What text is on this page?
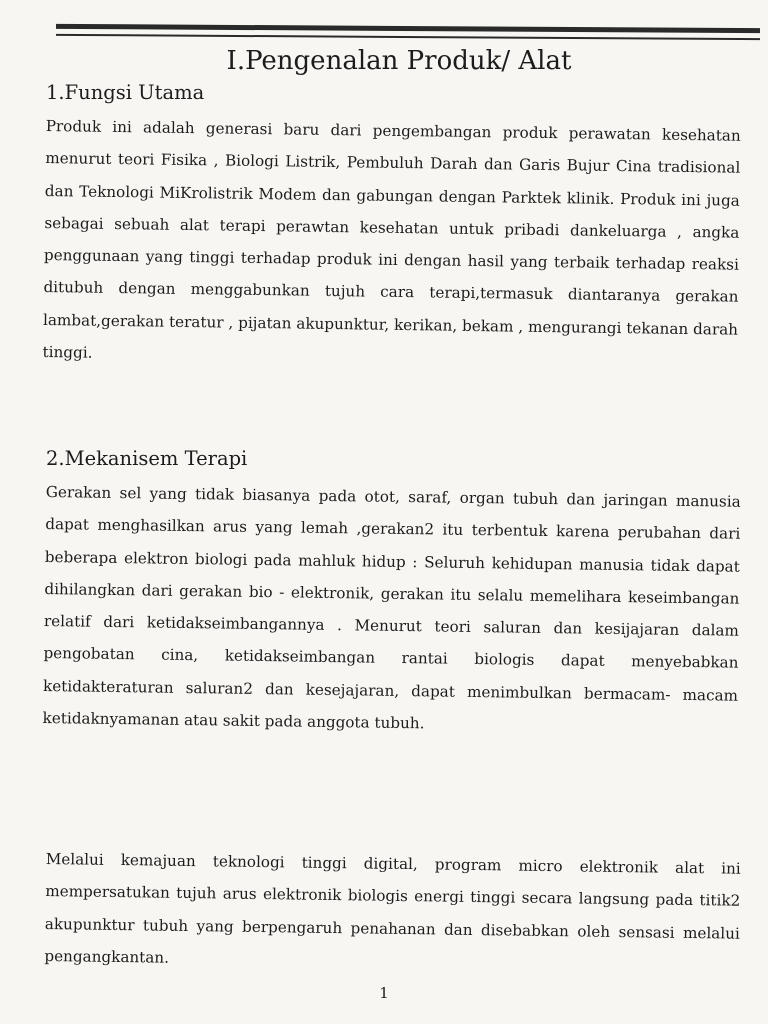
I.Pengenalan Produk/ Alat
1.Fungsi Utama

Produk ini adalah generasi baru dari pengembangan produk perawatan kesehatan menurut teori Fisika , Biologi Listrik, Pembuluh Darah dan Garis Bujur Cina tradisional dan Teknologi MiKrolistrik Modem dan gabungan dengan Parktek klinik. Produk ini juga sebagai sebuah alat terapi perawtan kesehatan untuk pribadi dankeluarga , angka penggunaan yang tinggi terhadap produk ini dengan hasil yang terbaik terhadap reaksi ditubuh dengan menggabunkan tujuh cara terapi,termasuk diantaranya gerakan lambat,gerakan teratur , pijatan akupunktur, kerikan, bekam , mengurangi tekanan darah tinggi.

2.Mekanisem Terapi

Gerakan sel yang tidak biasanya pada otot, saraf, organ tubuh dan jaringan manusia dapat menghasilkan arus yang lemah ,gerakan2 itu terbentuk karena perubahan dari beberapa elektron biologi pada mahluk hidup : Seluruh kehidupan manusia tidak dapat dihilangkan dari gerakan bio - elektronik, gerakan itu selalu memelihara keseimbangan relatif dari ketidakseimbangannya . Menurut teori saluran dan kesijajaran dalam pengobatan cina, ketidakseimbangan rantai biologis dapat menyebabkan ketidakteraturan saluran2 dan kesejajaran, dapat menimbulkan bermacam- macam ketidaknyamanan atau sakit pada anggota tubuh.

Melalui kemajuan teknologi tinggi digital, program micro elektronik alat ini mempersatukan tujuh arus elektronik biologis energi tinggi secara langsung pada titik2 akupunktur tubuh yang berpengaruh penahanan dan disebabkan oleh sensasi melalui pengangkantan.

1
